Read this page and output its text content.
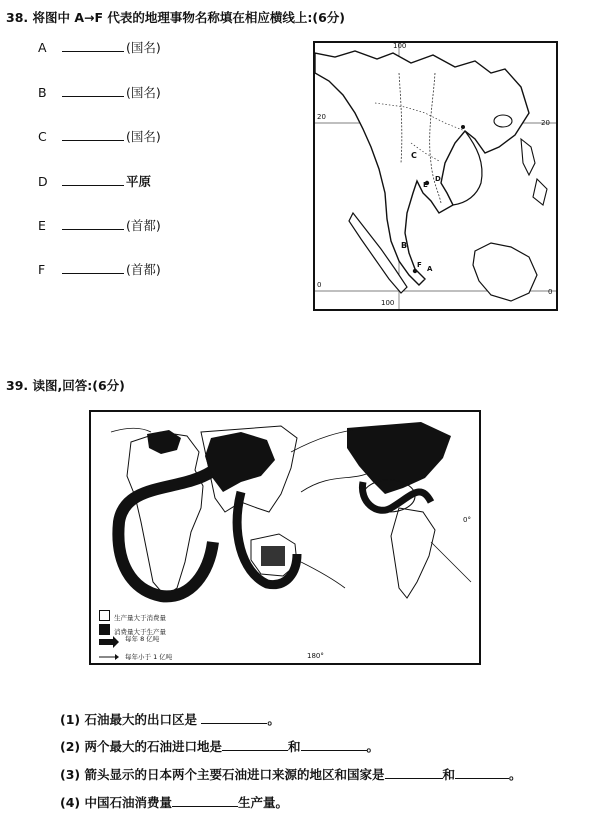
38. 将图中 A→F 代表的地理事物名称填在相应横线上:(6分)
A	(国名)
B	(国名)
C	(国名)
D	平原
E	(首都)
F	(首都)
100
20
20
0
0
100
C
B
E
D
F A
39. 读图,回答:(6分)
生产量大于消费量
消费量大于生产量
每年 8 亿吨
每年小于 1 亿吨	180°
0°
(1) 石油最大的出口区是	。
(2) 两个最大的石油进口地是	和	。
(3) 箭头显示的日本两个主要石油进口来源的地区和国家是	和	。
(4) 中国石油消费量	生产量。
